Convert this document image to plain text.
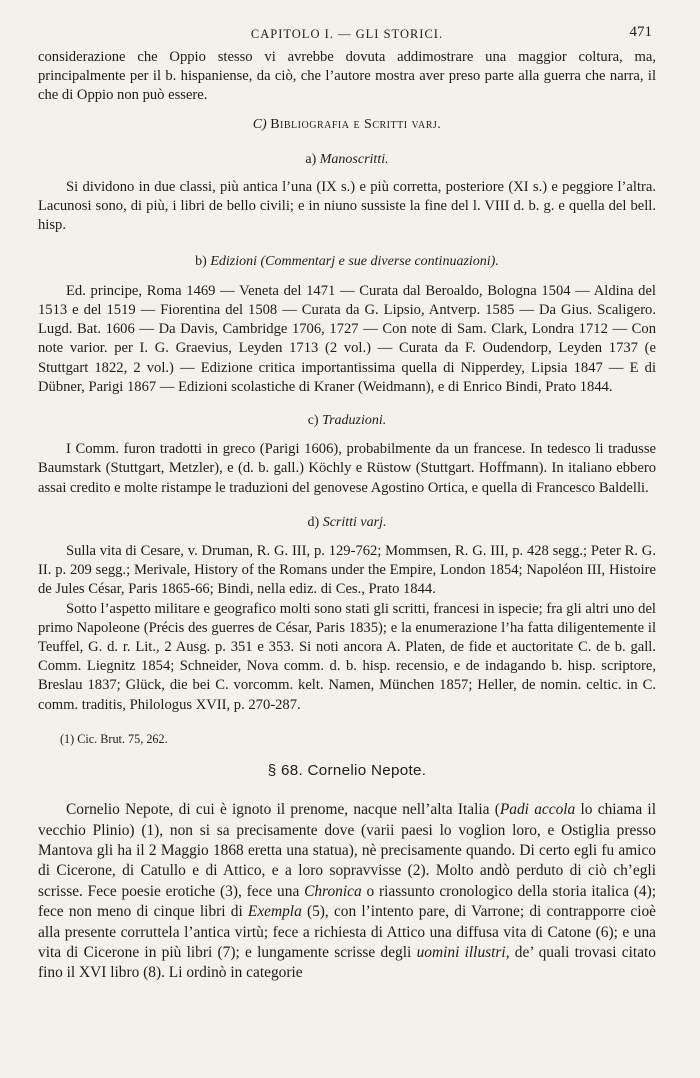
CAPITOLO I. — GLI STORICI.	471

considerazione che Oppio stesso vi avrebbe dovuta addimostrare una maggior coltura, ma, principalmente per il b. hispaniense, da ciò, che l’autore mostra aver preso parte alla guerra che narra, il che di Oppio non può essere.

C) Bibliografia e Scritti varj.

a) Manoscritti.

Si dividono in due classi, più antica l’una (IX s.) e più corretta, posteriore (XI s.) e peggiore l’altra. Lacunosi sono, di più, i libri de bello civili; e in niuno sussiste la fine del l. VIII d. b. g. e quella del bell. hisp.

b) Edizioni (Commentarj e sue diverse continuazioni).

Ed. principe, Roma 1469 — Veneta del 1471 — Curata dal Beroaldo, Bologna 1504 — Aldina del 1513 e del 1519 — Fiorentina del 1508 — Curata da G. Lipsio, Antverp. 1585 — Da Gius. Scaligero. Lugd. Bat. 1606 — Da Davis, Cambridge 1706, 1727 — Con note di Sam. Clark, Londra 1712 — Con note varior. per I. G. Graevius, Leyden 1713 (2 vol.) — Curata da F. Oudendorp, Leyden 1737 (e Stuttgart 1822, 2 vol.) — Edizione critica importantissima quella di Nipperdey, Lipsia 1847 — E di Dübner, Parigi 1867 — Edizioni scolastiche di Kraner (Weidmann), e di Enrico Bindi, Prato 1844.

c) Traduzioni.

I Comm. furon tradotti in greco (Parigi 1606), probabilmente da un francese. In tedesco li tradusse Baumstark (Stuttgart, Metzler), e (d. b. gall.) Köchly e Rüstow (Stuttgart. Hoffmann). In italiano ebbero assai credito e molte ristampe le traduzioni del genovese Agostino Ortica, e quella di Francesco Baldelli.

d) Scritti varj.

Sulla vita di Cesare, v. Druman, R. G. III, p. 129-762; Mommsen, R. G. III, p. 428 segg.; Peter R. G. II. p. 209 segg.; Merivale, History of the Romans under the Empire, London 1854; Napoléon III, Histoire de Jules César, Paris 1865-66; Bindi, nella ediz. di Ces., Prato 1844.

Sotto l’aspetto militare e geografico molti sono stati gli scritti, francesi in ispecie; fra gli altri uno del primo Napoleone (Précis des guerres de César, Paris 1835); e la enumerazione l’ha fatta diligentemente il Teuffel, G. d. r. Lit., 2 Ausg. p. 351 e 353. Si noti ancora A. Platen, de fide et auctoritate C. de b. gall. Comm. Liegnitz 1854; Schneider, Nova comm. d. b. hisp. recensio, e de indagando b. hisp. scriptore, Breslau 1837; Glück, die bei C. vorcomm. kelt. Namen, München 1857; Heller, de nomin. celtic. in C. comm. traditis, Philologus XVII, p. 270-287.

(1) Cic. Brut. 75, 262.

§ 68. Cornelio Nepote.

Cornelio Nepote, di cui è ignoto il prenome, nacque nell’alta Italia (Padi accola lo chiama il vecchio Plinio) (1), non si sa precisamente dove (varii paesi lo voglion loro, e Ostiglia presso Mantova gli ha il 2 Maggio 1868 eretta una statua), nè precisamente quando. Di certo egli fu amico di Cicerone, di Catullo e di Attico, e a loro sopravvisse (2). Molto andò perduto di ciò ch’egli scrisse. Fece poesie erotiche (3), fece una Chronica o riassunto cronologico della storia italica (4); fece non meno di cinque libri di Exempla (5), con l’intento pare, di Varrone; di contrapporre cioè alla presente corruttela l’antica virtù; fece a richiesta di Attico una diffusa vita di Catone (6); e una vita di Cicerone in più libri (7); e lungamente scrisse degli uomini illustri, de’ quali trovasi citato fino il XVI libro (8). Li ordinò in categorie
